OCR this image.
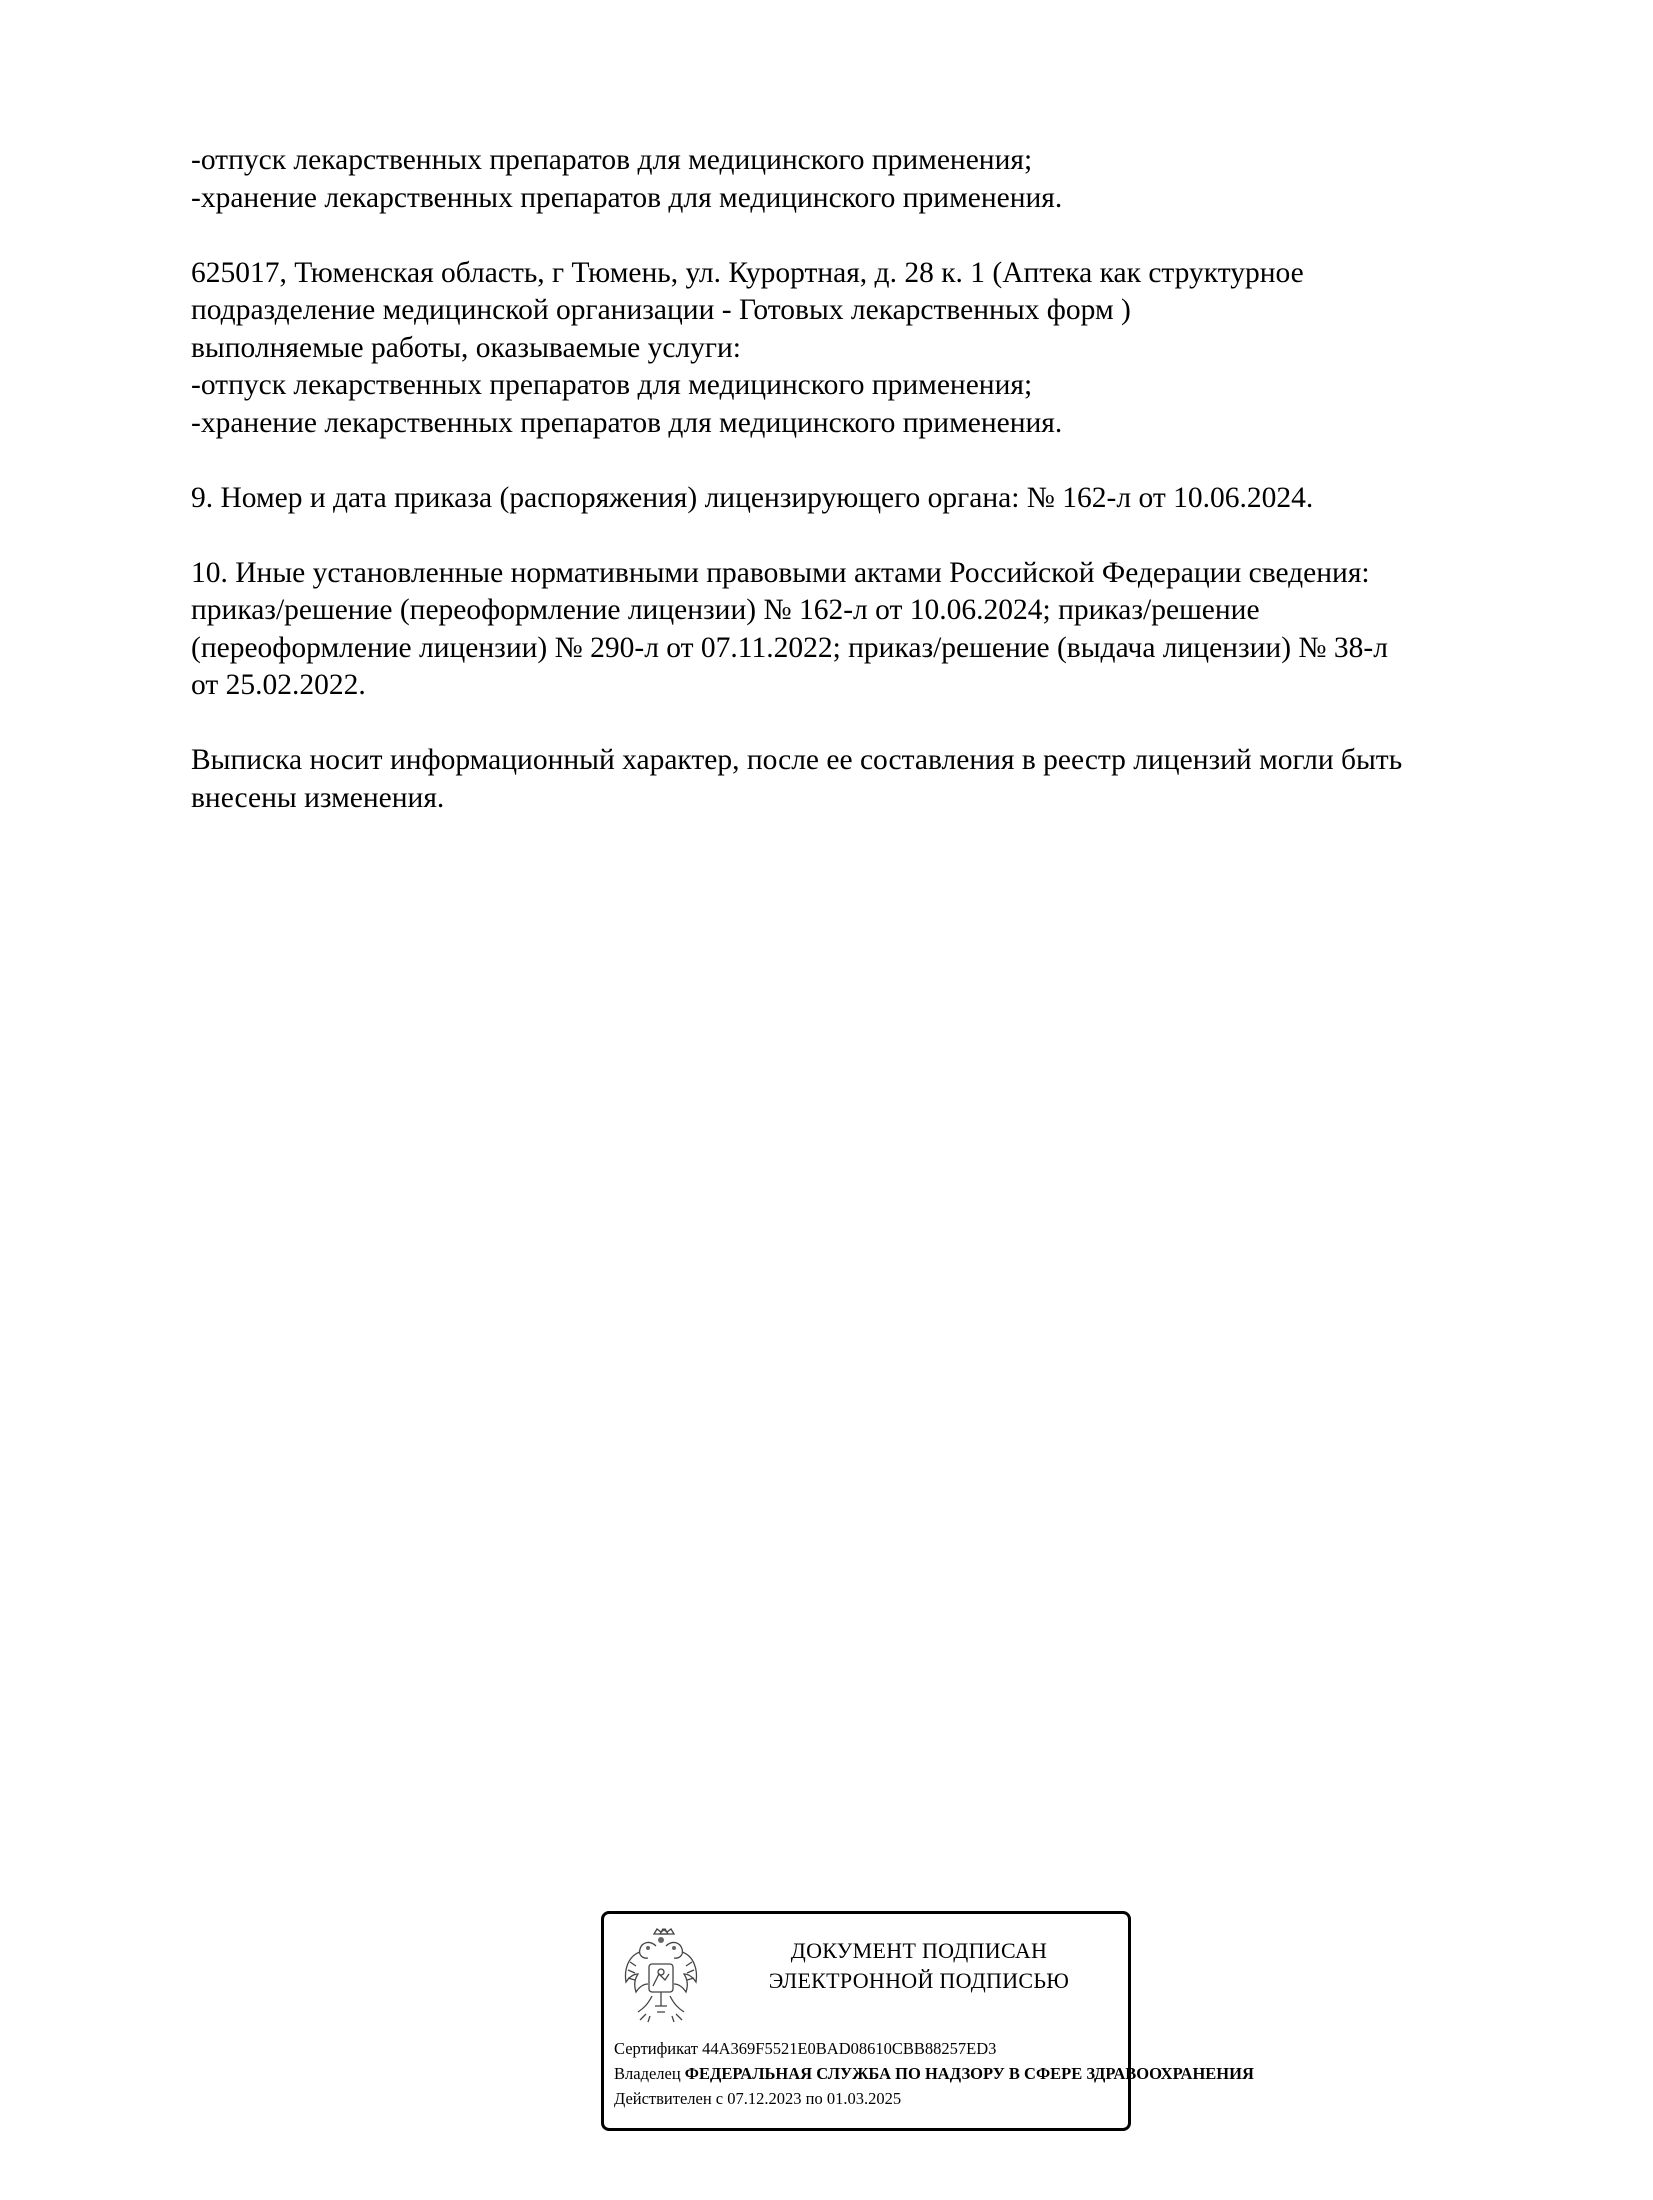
-отпуск лекарственных препаратов для медицинского применения;
-хранение лекарственных препаратов для медицинского применения.
625017, Тюменская область, г Тюмень, ул. Курортная, д. 28 к. 1 (Аптека как структурное
подразделение медицинской организации - Готовых лекарственных форм )
выполняемые работы, оказываемые услуги:
-отпуск лекарственных препаратов для медицинского применения;
-хранение лекарственных препаратов для медицинского применения.
9. Номер и дата приказа (распоряжения) лицензирующего органа: № 162-л от 10.06.2024.
10. Иные установленные нормативными правовыми актами Российской Федерации сведения:
приказ/решение (переоформление лицензии) № 162-л от 10.06.2024; приказ/решение
(переоформление лицензии) № 290-л от 07.11.2022; приказ/решение (выдача лицензии) № 38-л
от 25.02.2022.
Выписка носит информационный характер, после ее составления в реестр лицензий могли быть
внесены изменения.
ДОКУМЕНТ ПОДПИСАН
ЭЛЕКТРОННОЙ ПОДПИСЬЮ
Сертификат 44A369F5521E0BAD08610CBB88257ED3
Владелец ФЕДЕРАЛЬНАЯ СЛУЖБА ПО НАДЗОРУ В СФЕРЕ ЗДРАВООХРАНЕНИЯ
Действителен с 07.12.2023 по 01.03.2025
